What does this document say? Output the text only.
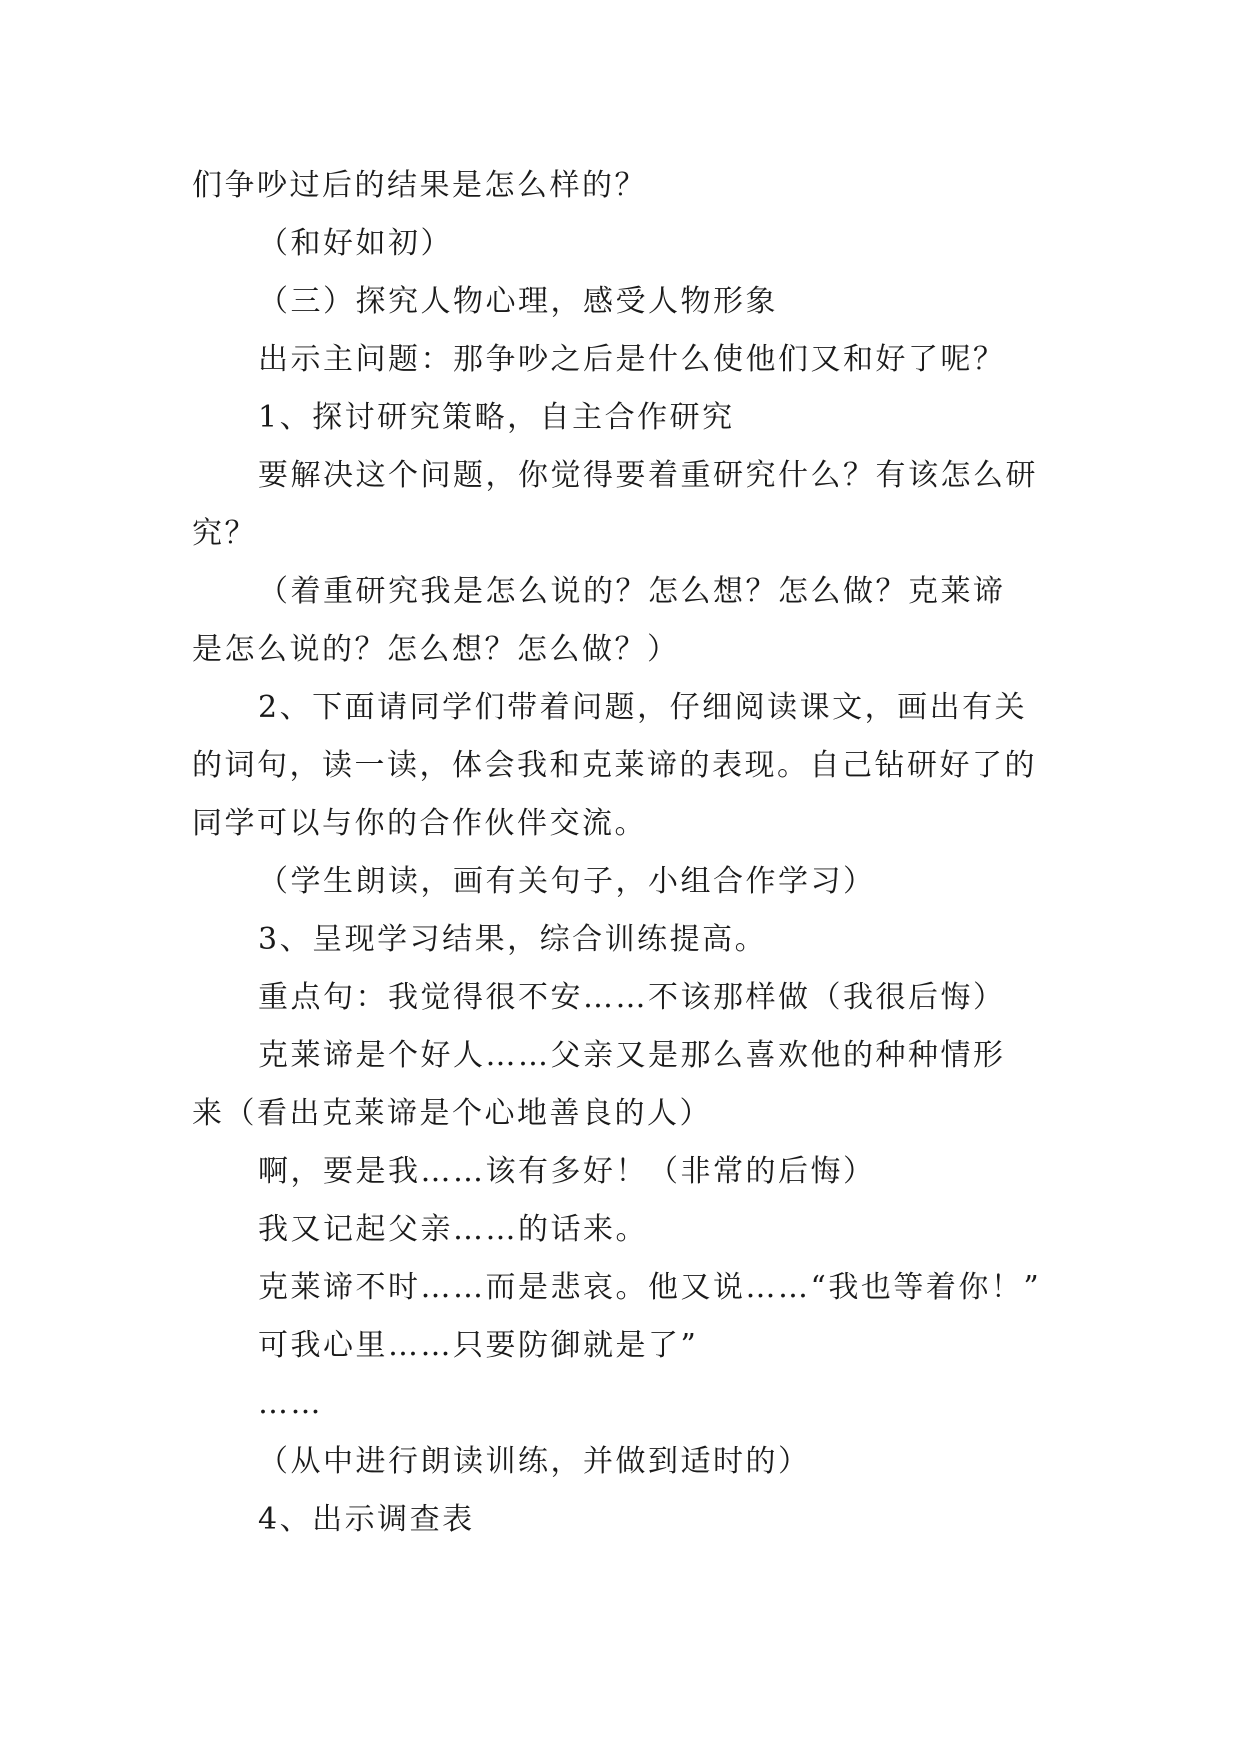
们争吵过后的结果是怎么样的？
（和好如初）
（三）探究人物心理，感受人物形象
出示主问题：那争吵之后是什么使他们又和好了呢？
1、探讨研究策略，自主合作研究
要解决这个问题，你觉得要着重研究什么？有该怎么研
究？
（着重研究我是怎么说的？怎么想？怎么做？克莱谛
是怎么说的？怎么想？怎么做？）
2、下面请同学们带着问题，仔细阅读课文，画出有关
的词句，读一读，体会我和克莱谛的表现。自己钻研好了的
同学可以与你的合作伙伴交流。
（学生朗读，画有关句子，小组合作学习）
3、呈现学习结果，综合训练提高。
重点句：我觉得很不安……不该那样做（我很后悔）
克莱谛是个好人……父亲又是那么喜欢他的种种情形
来（看出克莱谛是个心地善良的人）
啊，要是我……该有多好！（非常的后悔）
我又记起父亲……的话来。
克莱谛不时……而是悲哀。他又说……“我也等着你！”
可我心里……只要防御就是了”
……
（从中进行朗读训练，并做到适时的）
4、出示调查表
